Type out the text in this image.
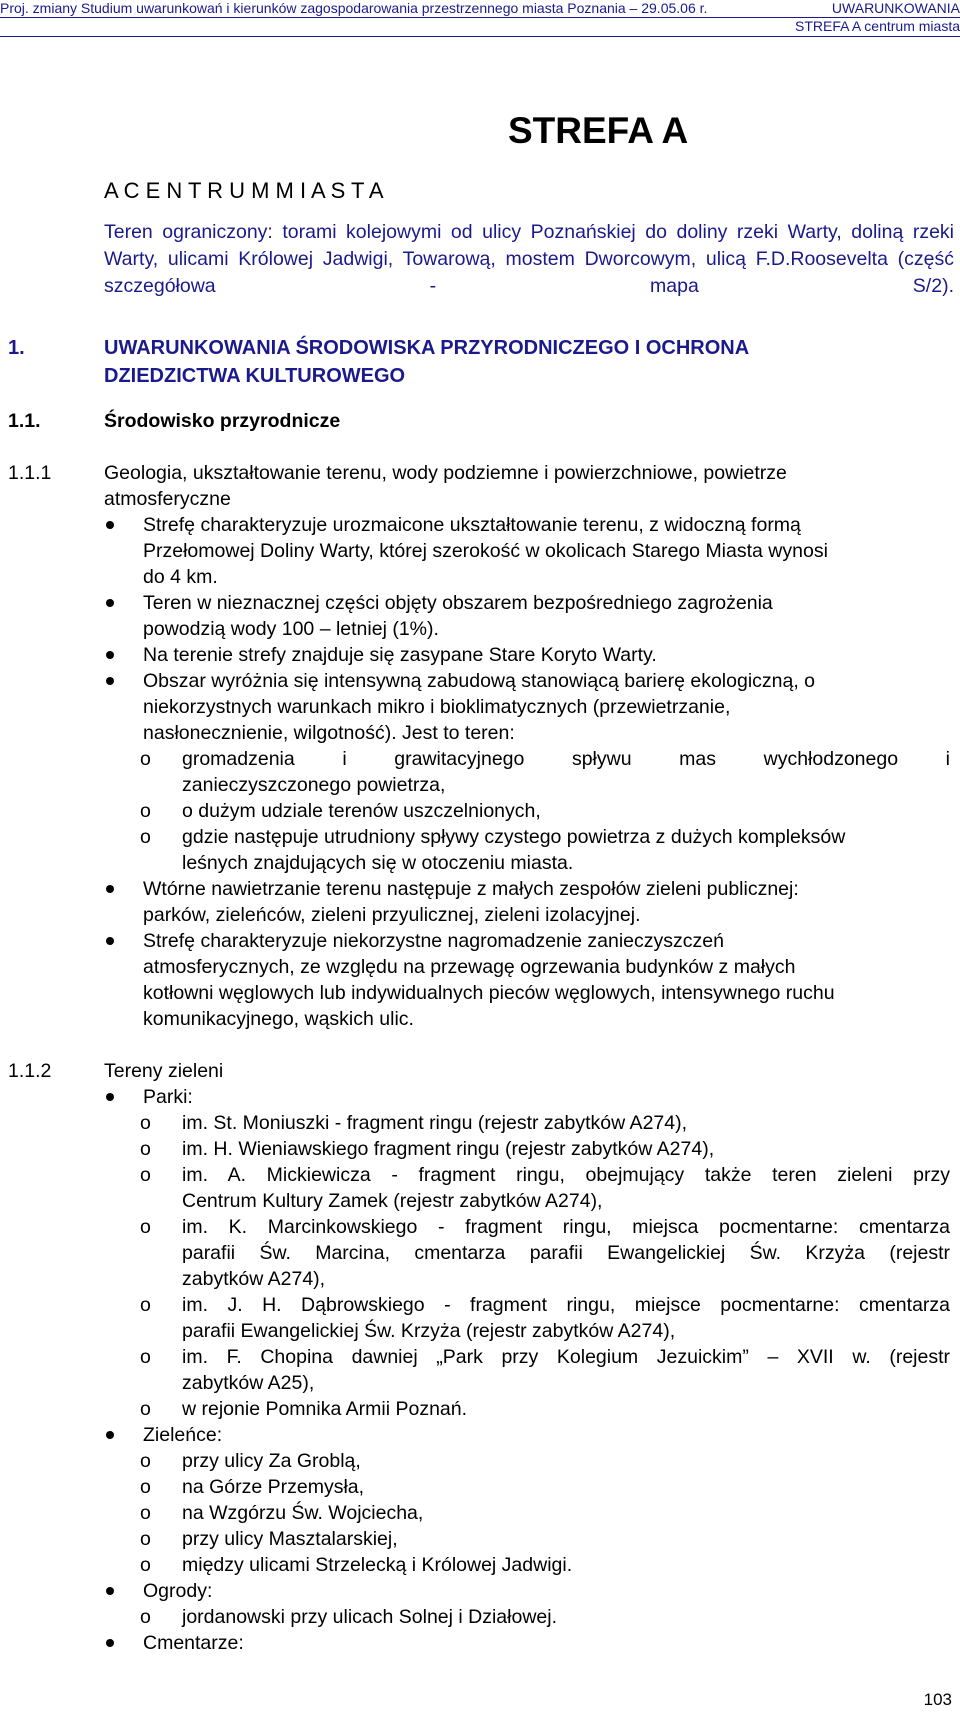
Proj. zmiany Studium uwarunkowań i kierunków zagospodarowania przestrzennego miasta Poznania – 29.05.06 r.	UWARUNKOWANIA
STREFA A centrum miasta
STREFA A
A C E N T R U M M I A S T A
Teren ograniczony: torami kolejowymi od ulicy Poznańskiej do doliny rzeki Warty, doliną rzeki Warty, ulicami Królowej Jadwigi, Towarową, mostem Dworcowym, ulicą F.D.Roosevelta (część szczegółowa - mapa S/2).
1.	UWARUNKOWANIA ŚRODOWISKA PRZYRODNICZEGO I OCHRONA
DZIEDZICTWA KULTUROWEGO
1.1.	Środowisko przyrodnicze
1.1.1	Geologia, ukształtowanie terenu, wody podziemne i powierzchniowe, powietrze
atmosferyczne
Strefę charakteryzuje urozmaicone ukształtowanie terenu, z widoczną formą
Przełomowej Doliny Warty, której szerokość w okolicach Starego Miasta wynosi
do 4 km.
Teren w nieznacznej części objęty obszarem bezpośredniego zagrożenia
powodzią wody 100 – letniej (1%).
Na terenie strefy znajduje się zasypane Stare Koryto Warty.
Obszar wyróżnia się intensywną zabudową stanowiącą barierę ekologiczną, o
niekorzystnych warunkach mikro i bioklimatycznych (przewietrzanie,
nasłonecznienie, wilgotność). Jest to teren:
o gromadzenia i grawitacyjnego spływu mas wychłodzonego i
zanieczyszczonego powietrza,
o o dużym udziale terenów uszczelnionych,
o gdzie następuje utrudniony spływy czystego powietrza z dużych kompleksów
leśnych znajdujących się w otoczeniu miasta.
Wtórne nawietrzanie terenu następuje z małych zespołów zieleni publicznej:
parków, zieleńców, zieleni przyulicznej, zieleni izolacyjnej.
Strefę charakteryzuje niekorzystne nagromadzenie zanieczyszczeń
atmosferycznych, ze względu na przewagę ogrzewania budynków z małych
kotłowni węglowych lub indywidualnych pieców węglowych, intensywnego ruchu
komunikacyjnego, wąskich ulic.
1.1.2	Tereny zieleni
Parki:
o im. St. Moniuszki - fragment ringu (rejestr zabytków A274),
o im. H. Wieniawskiego fragment ringu (rejestr zabytków A274),
o im. A. Mickiewicza - fragment ringu, obejmujący także teren zieleni przy
Centrum Kultury Zamek (rejestr zabytków A274),
o im. K. Marcinkowskiego - fragment ringu, miejsca pocmentarne: cmentarza
parafii Św. Marcina, cmentarza parafii Ewangelickiej Św. Krzyża (rejestr
zabytków A274),
o im. J. H. Dąbrowskiego - fragment ringu, miejsce pocmentarne: cmentarza
parafii Ewangelickiej Św. Krzyża (rejestr zabytków A274),
o im. F. Chopina dawniej „Park przy Kolegium Jezuickim” – XVII w. (rejestr
zabytków A25),
o w rejonie Pomnika Armii Poznań.
Zieleńce:
o przy ulicy Za Groblą,
o na Górze Przemysła,
o na Wzgórzu Św. Wojciecha,
o przy ulicy Masztalarskiej,
o między ulicami Strzelecką i Królowej Jadwigi.
Ogrody:
o jordanowski przy ulicach Solnej i Działowej.
Cmentarze:
103
